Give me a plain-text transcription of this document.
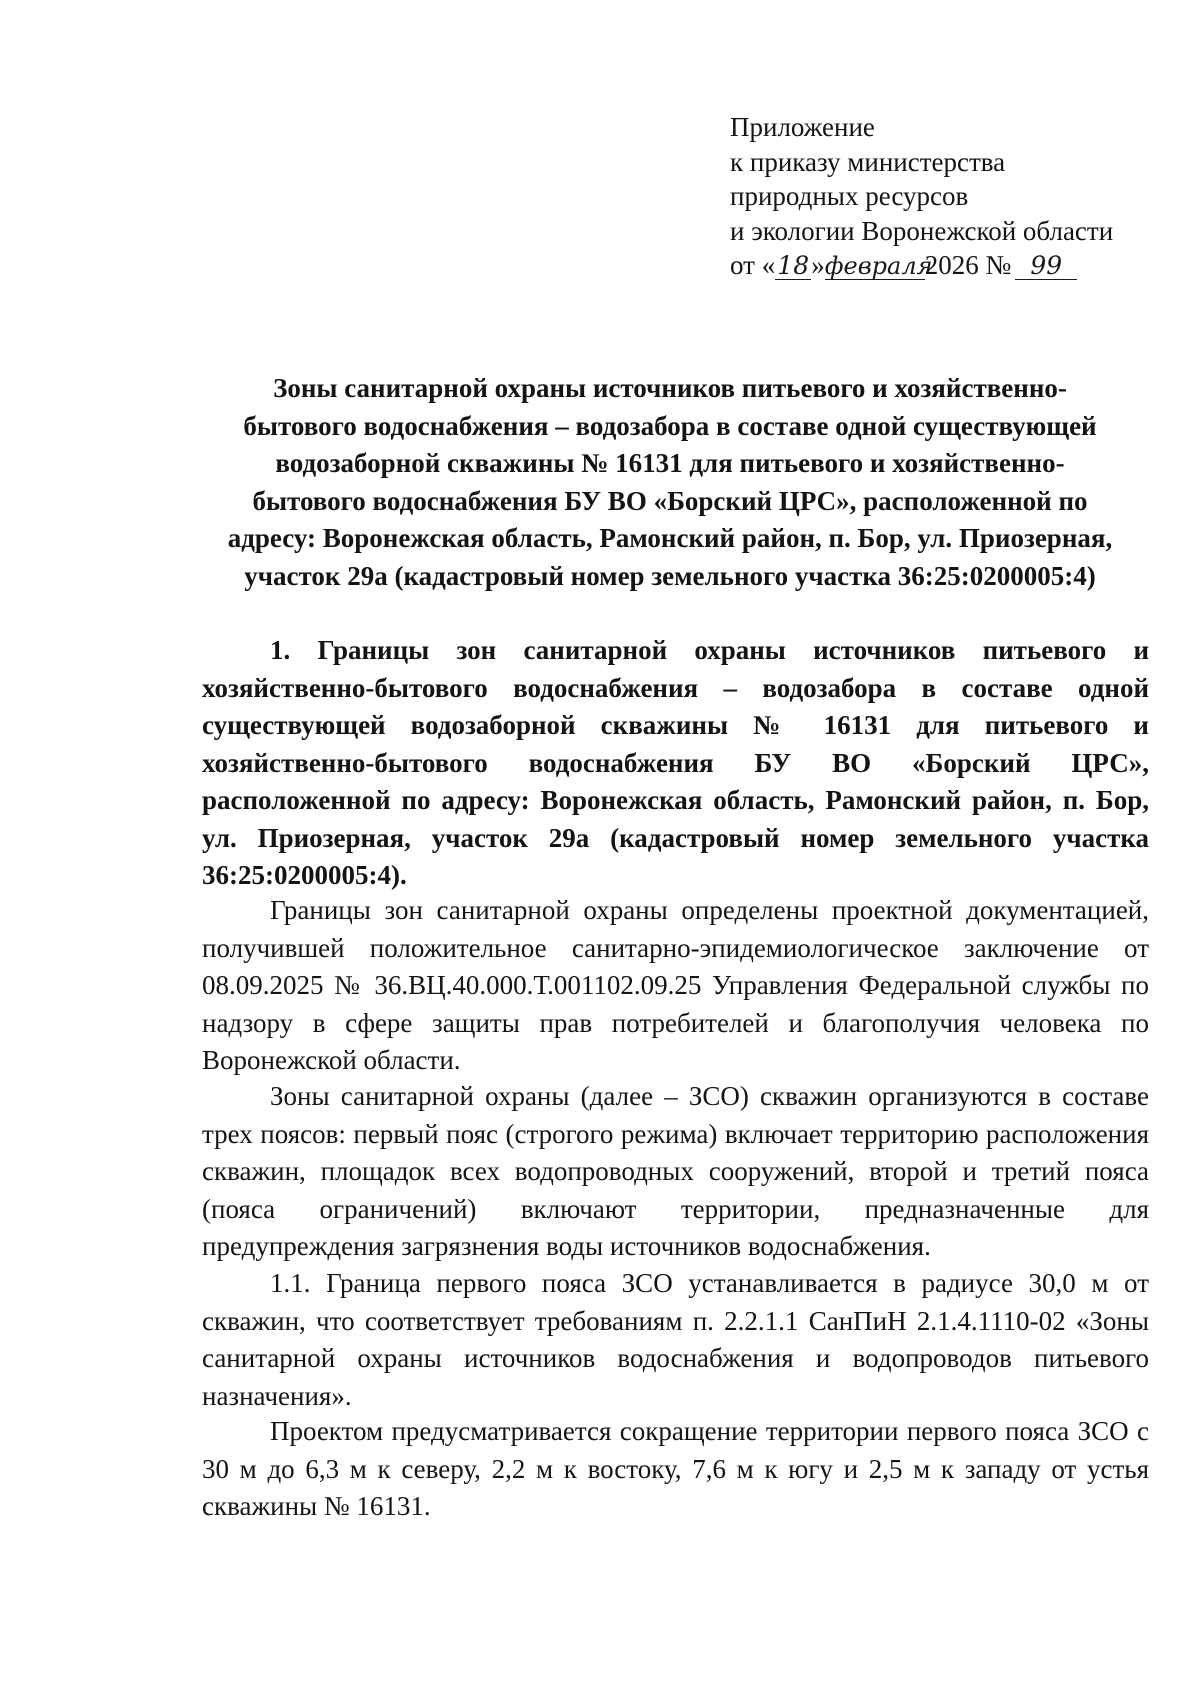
Приложение
к приказу министерства
природных ресурсов
и экологии Воронежской области
от «18»февраля2026 № 99
Зоны санитарной охраны источников питьевого и хозяйственно-
бытового водоснабжения – водозабора в составе одной существующей
водозаборной скважины № 16131 для питьевого и хозяйственно-
бытового водоснабжения БУ ВО «Борский ЦРС», расположенной по
адресу: Воронежская область, Рамонский район, п. Бор, ул. Приозерная,
участок 29а (кадастровый номер земельного участка 36:25:0200005:4)
1. Границы зон санитарной охраны источников питьевого и хозяйственно-бытового водоснабжения – водозабора в составе одной существующей водозаборной скважины № 16131 для питьевого и хозяйственно-бытового водоснабжения БУ ВО «Борский ЦРС», расположенной по адресу: Воронежская область, Рамонский район, п. Бор, ул. Приозерная, участок 29а (кадастровый номер земельного участка 36:25:0200005:4).
Границы зон санитарной охраны определены проектной документацией, получившей положительное санитарно-эпидемиологическое заключение от 08.09.2025 № 36.ВЦ.40.000.Т.001102.09.25 Управления Федеральной службы по надзору в сфере защиты прав потребителей и благополучия человека по Воронежской области.
Зоны санитарной охраны (далее – ЗСО) скважин организуются в составе трех поясов: первый пояс (строгого режима) включает территорию расположения скважин, площадок всех водопроводных сооружений, второй и третий пояса (пояса ограничений) включают территории, предназначенные для предупреждения загрязнения воды источников водоснабжения.
1.1. Граница первого пояса ЗСО устанавливается в радиусе 30,0 м от скважин, что соответствует требованиям п. 2.2.1.1 СанПиН 2.1.4.1110-02 «Зоны санитарной охраны источников водоснабжения и водопроводов питьевого назначения».
Проектом предусматривается сокращение территории первого пояса ЗСО с 30 м до 6,3 м к северу, 2,2 м к востоку, 7,6 м к югу и 2,5 м к западу от устья скважины № 16131.
